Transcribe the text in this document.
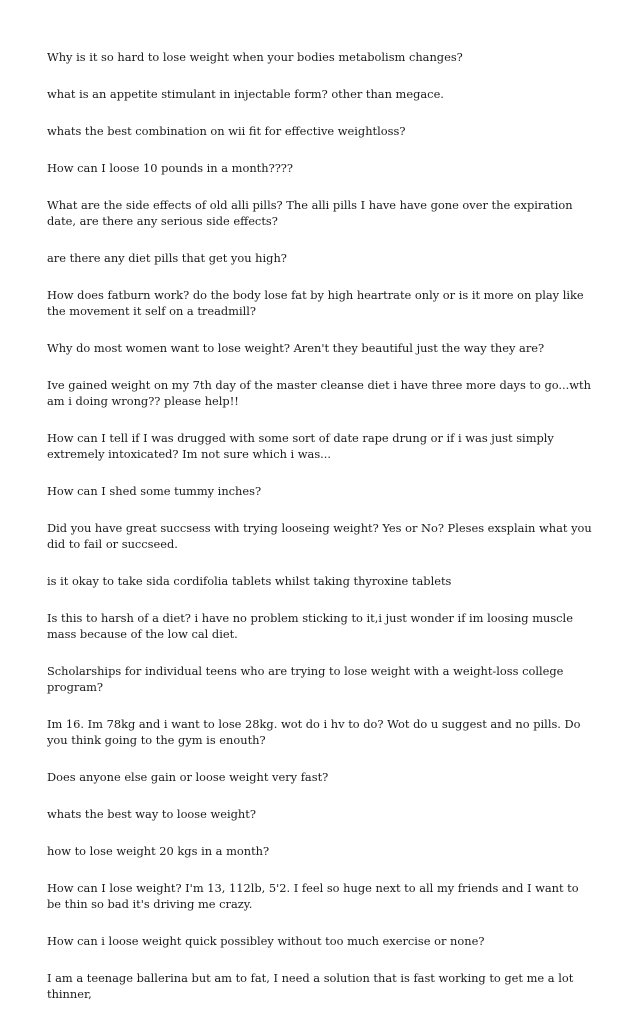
Why is it so hard to lose weight when your bodies metabolism changes?

what is an appetite stimulant in injectable form? other than megace.

whats the best combination on wii fit for effective weightloss?

How can I loose 10 pounds in a month????

What are the side effects of old alli pills? The alli pills I have have gone over the expiration date, are there any serious side effects?

are there any diet pills that get you high?

How does fatburn work? do the body lose fat by high heartrate only or is it more on play like the movement it self on a treadmill?

Why do most women want to lose weight? Aren't they beautiful just the way they are?

Ive gained weight on my 7th day of the master cleanse diet i have three more days to go...wth am i doing wrong?? please help!!

How can I tell if I was drugged with some sort of date rape drung or if i was just simply extremely intoxicated? Im not sure which i was...

How can I shed some tummy inches?

Did you have great succsess with trying looseing weight? Yes or No? Pleses exsplain what you did to fail or succseed.

is it okay to take sida cordifolia tablets whilst taking thyroxine tablets

Is this to harsh of a diet? i have no problem sticking to it,i just wonder if im loosing muscle mass because of the low cal diet.

Scholarships for individual teens who are trying to lose weight with a weight-loss college program?

Im 16. Im 78kg and i want to lose 28kg. wot do i hv to do? Wot do u suggest and no pills. Do you think going to the gym is enouth?

Does anyone else gain or loose weight very fast?

whats the best way to loose weight?

how to lose weight 20 kgs in a month?

How can I lose weight? I'm 13, 112lb, 5'2. I feel so huge next to all my friends and I want to be thin so bad it's driving me crazy.

How can i loose weight quick possibley without too much exercise or none?

I am a teenage ballerina but am to fat, I need a solution that is fast working to get me a lot thinner,
